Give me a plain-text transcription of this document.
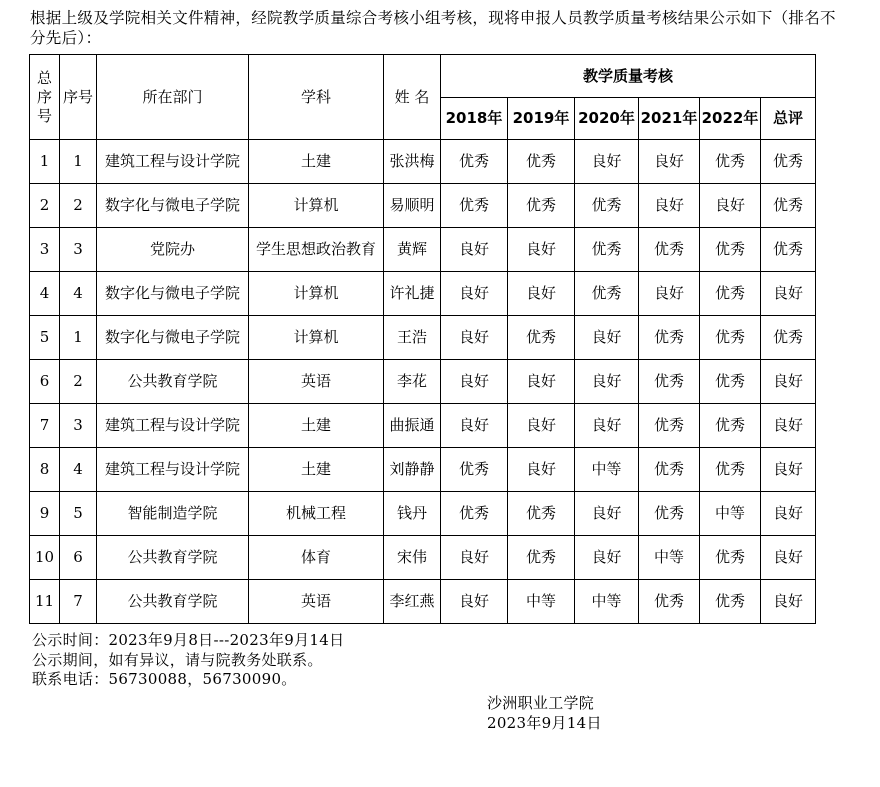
根据上级及学院相关文件精神，经院教学质量综合考核小组考核，现将申报人员教学质量考核结果公示如下（排名不分先后）：
总序号	序号	所在部门	学科	姓 名	教学质量考核					
					2018年	2019年	2020年	2021年	2022年	总评
1	1	建筑工程与设计学院	土建	张洪梅	优秀	优秀	良好	良好	优秀	优秀
2	2	数字化与微电子学院	计算机	易顺明	优秀	优秀	优秀	良好	良好	优秀
3	3	党院办	学生思想政治教育	黄辉	良好	良好	优秀	优秀	优秀	优秀
4	4	数字化与微电子学院	计算机	许礼捷	良好	良好	优秀	良好	优秀	良好
5	1	数字化与微电子学院	计算机	王浩	良好	优秀	良好	优秀	优秀	优秀
6	2	公共教育学院	英语	李花	良好	良好	良好	优秀	优秀	良好
7	3	建筑工程与设计学院	土建	曲振通	良好	良好	良好	优秀	优秀	良好
8	4	建筑工程与设计学院	土建	刘静静	优秀	良好	中等	优秀	优秀	良好
9	5	智能制造学院	机械工程	钱丹	优秀	优秀	良好	优秀	中等	良好
10	6	公共教育学院	体育	宋伟	良好	优秀	良好	中等	优秀	良好
11	7	公共教育学院	英语	李红燕	良好	中等	中等	优秀	优秀	良好
公示时间：2023年9月8日---2023年9月14日
公示期间，如有异议，请与院教务处联系。
联系电话：56730088，56730090。
沙洲职业工学院
2023年9月14日
